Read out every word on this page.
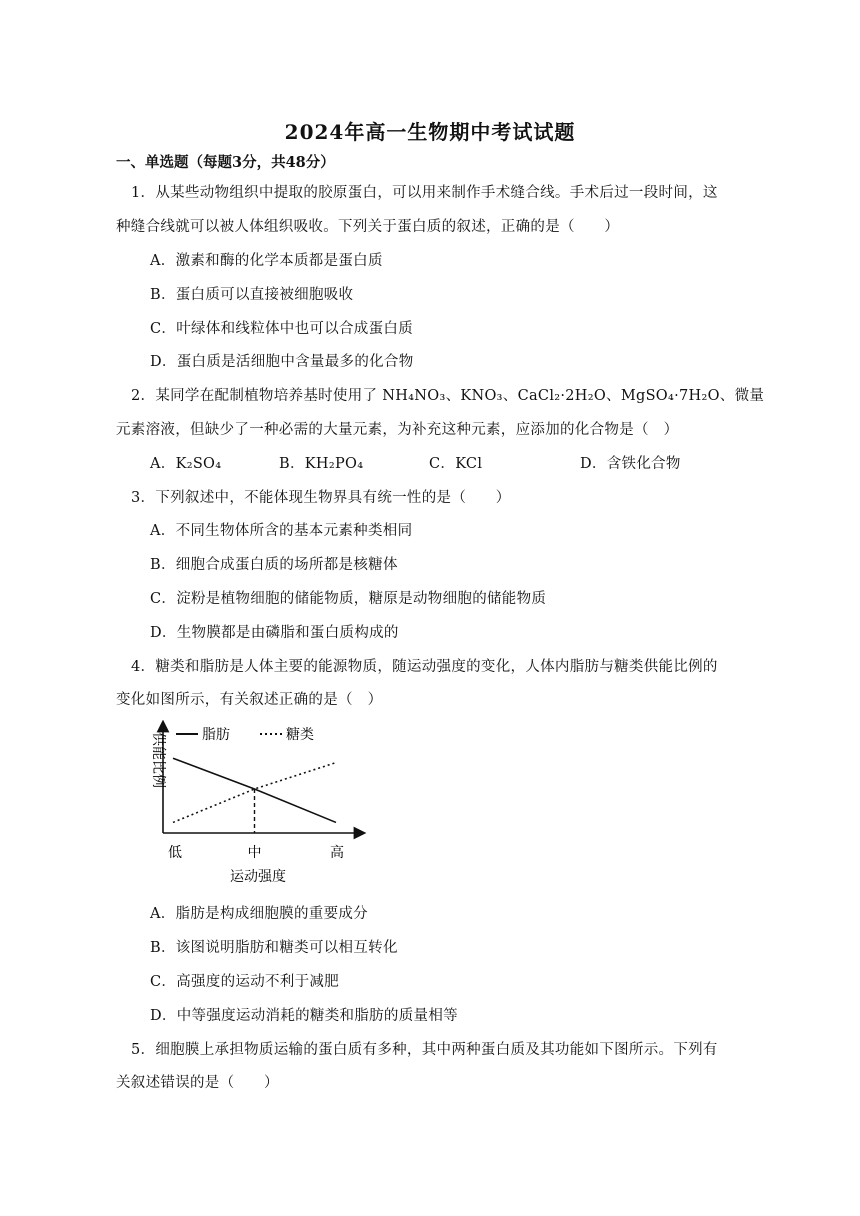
2024年高一生物期中考试试题
一、单选题（每题3分，共48分）
1．从某些动物组织中提取的胶原蛋白，可以用来制作手术缝合线。手术后过一段时间，这
种缝合线就可以被人体组织吸收。下列关于蛋白质的叙述，正确的是（　　）
A．激素和酶的化学本质都是蛋白质
B．蛋白质可以直接被细胞吸收
C．叶绿体和线粒体中也可以合成蛋白质
D．蛋白质是活细胞中含量最多的化合物
2．某同学在配制植物培养基时使用了 NH₄NO₃、KNO₃、CaCl₂·2H₂O、MgSO₄·7H₂O、微量
元素溶液，但缺少了一种必需的大量元素，为补充这种元素，应添加的化合物是（　）
A．K₂SO₄	B．KH₂PO₄	C．KCl	D．含铁化合物
3．下列叙述中，不能体现生物界具有统一性的是（　　）
A．不同生物体所含的基本元素种类相同
B．细胞合成蛋白质的场所都是核糖体
C．淀粉是植物细胞的储能物质，糖原是动物细胞的储能物质
D．生物膜都是由磷脂和蛋白质构成的
4．糖类和脂肪是人体主要的能源物质，随运动强度的变化，人体内脂肪与糖类供能比例的
变化如图所示，有关叙述正确的是（　）
供能比例	脂肪	糖类
低	中	高
运动强度
A．脂肪是构成细胞膜的重要成分
B．该图说明脂肪和糖类可以相互转化
C．高强度的运动不利于减肥
D．中等强度运动消耗的糖类和脂肪的质量相等
5．细胞膜上承担物质运输的蛋白质有多种，其中两种蛋白质及其功能如下图所示。下列有
关叙述错误的是（　　）
